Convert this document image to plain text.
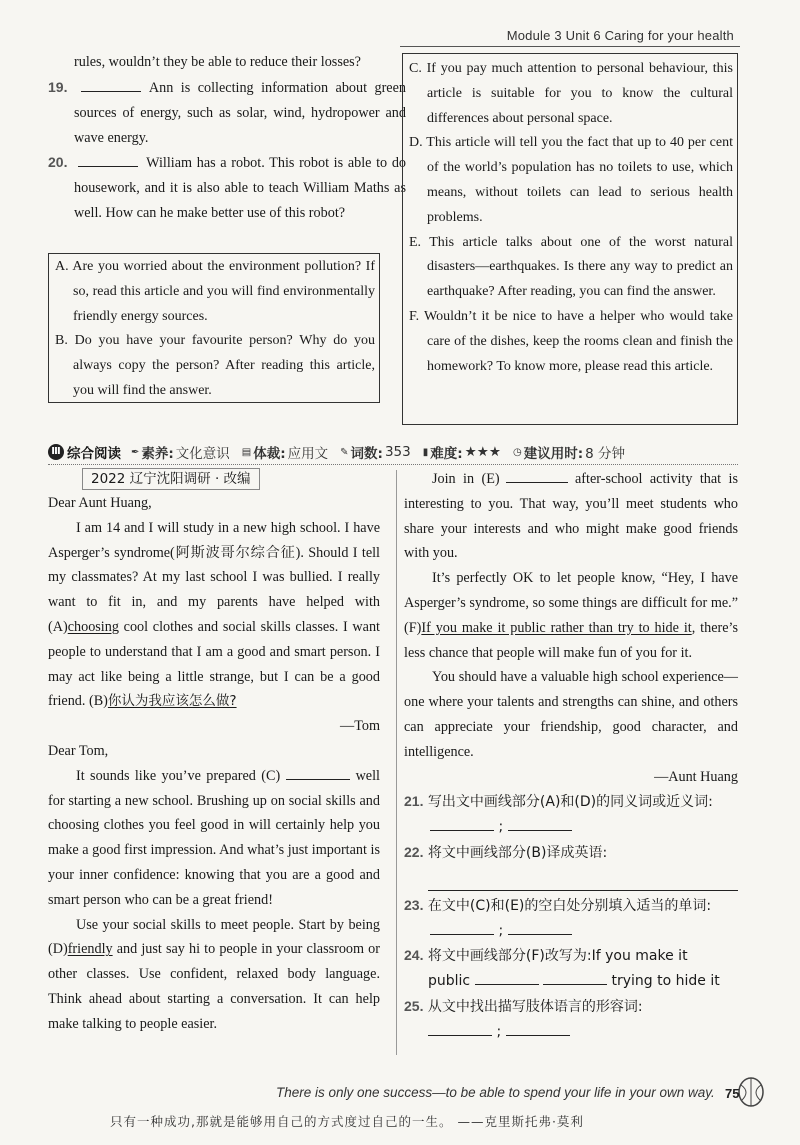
Module 3 Unit 6 Caring for your health
rules, wouldn’t they be able to reduce their losses?
19.	Ann is collecting information about green sources of energy, such as solar, wind, hydropower and wave energy.
20.	William has a robot. This robot is able to do housework, and it is also able to teach William Maths as well. How can he make better use of this robot?
A. Are you worried about the environment pollution? If so, read this article and you will find environmentally friendly energy sources.
B. Do you have your favourite person? Why do you always copy the person? After reading this article, you will find the answer.
C. If you pay much attention to personal behaviour, this article is suitable for you to know the cultural differences about personal space.
D. This article will tell you the fact that up to 40 per cent of the world’s population has no toilets to use, which means, without toilets can lead to serious health problems.
E. This article talks about one of the worst natural disasters—earthquakes. Is there any way to predict an earthquake? After reading, you can find the answer.
F. Wouldn’t it be nice to have a helper who would take care of the dishes, keep the rooms clean and finish the homework? To know more, please read this article.
Ⅲ 综合阅读 ✒ 素养: 文化意识 ▤ 体裁: 应用文 ✎ 词数: 353 ▮ 难度: ★★★ ◷ 建议用时: 8 分钟
2022 辽宁沈阳调研 · 改编

Dear Aunt Huang,

I am 14 and I will study in a new high school. I have Asperger’s syndrome(阿斯波哥尔综合征). Should I tell my classmates? At my last school I was bullied. I really want to fit in, and my parents have helped with (A)choosing cool clothes and social skills classes. I want people to understand that I am a good and smart person. I may act like being a little strange, but I can be a good friend. (B)你认为我应该怎么做?

—Tom

Dear Tom,

It sounds like you’ve prepared (C)	well for starting a new school. Brushing up on social skills and choosing clothes you feel good in will certainly help you make a good first impression. And what’s just important is your inner confidence: knowing that you are a good and smart person who can be a great friend!

Use your social skills to meet people. Start by being (D)friendly and just say hi to people in your classroom or other classes. Use confident, relaxed body language. Think ahead about starting a conversation. It can help make talking to people easier.

Join in (E)	after-school activity that is interesting to you. That way, you’ll meet students who share your interests and who might make good friends with you.

It’s perfectly OK to let people know, “Hey, I have Asperger’s syndrome, so some things are difficult for me.” (F)If you make it public rather than try to hide it, there’s less chance that people will make fun of you for it.

You should have a valuable high school experience—one where your talents and strengths can shine, and others can appreciate your friendship, good character, and intelligence.

—Aunt Huang

21. 写出文中画线部分(A)和(D)的同义词或近义词: ;

22. 将文中画线部分(B)译成英语:

23. 在文中(C)和(E)的空白处分别填入适当的单词: ;

24. 将文中画线部分(F)改写为:If you make it
public	trying to hide it

25. 从文中找出描写肢体语言的形容词:
;

There is only one success—to be able to spend your life in your own way.
只有一种成功,那就是能够用自己的方式度过自己的一生。 ——克里斯托弗·莫利
75
